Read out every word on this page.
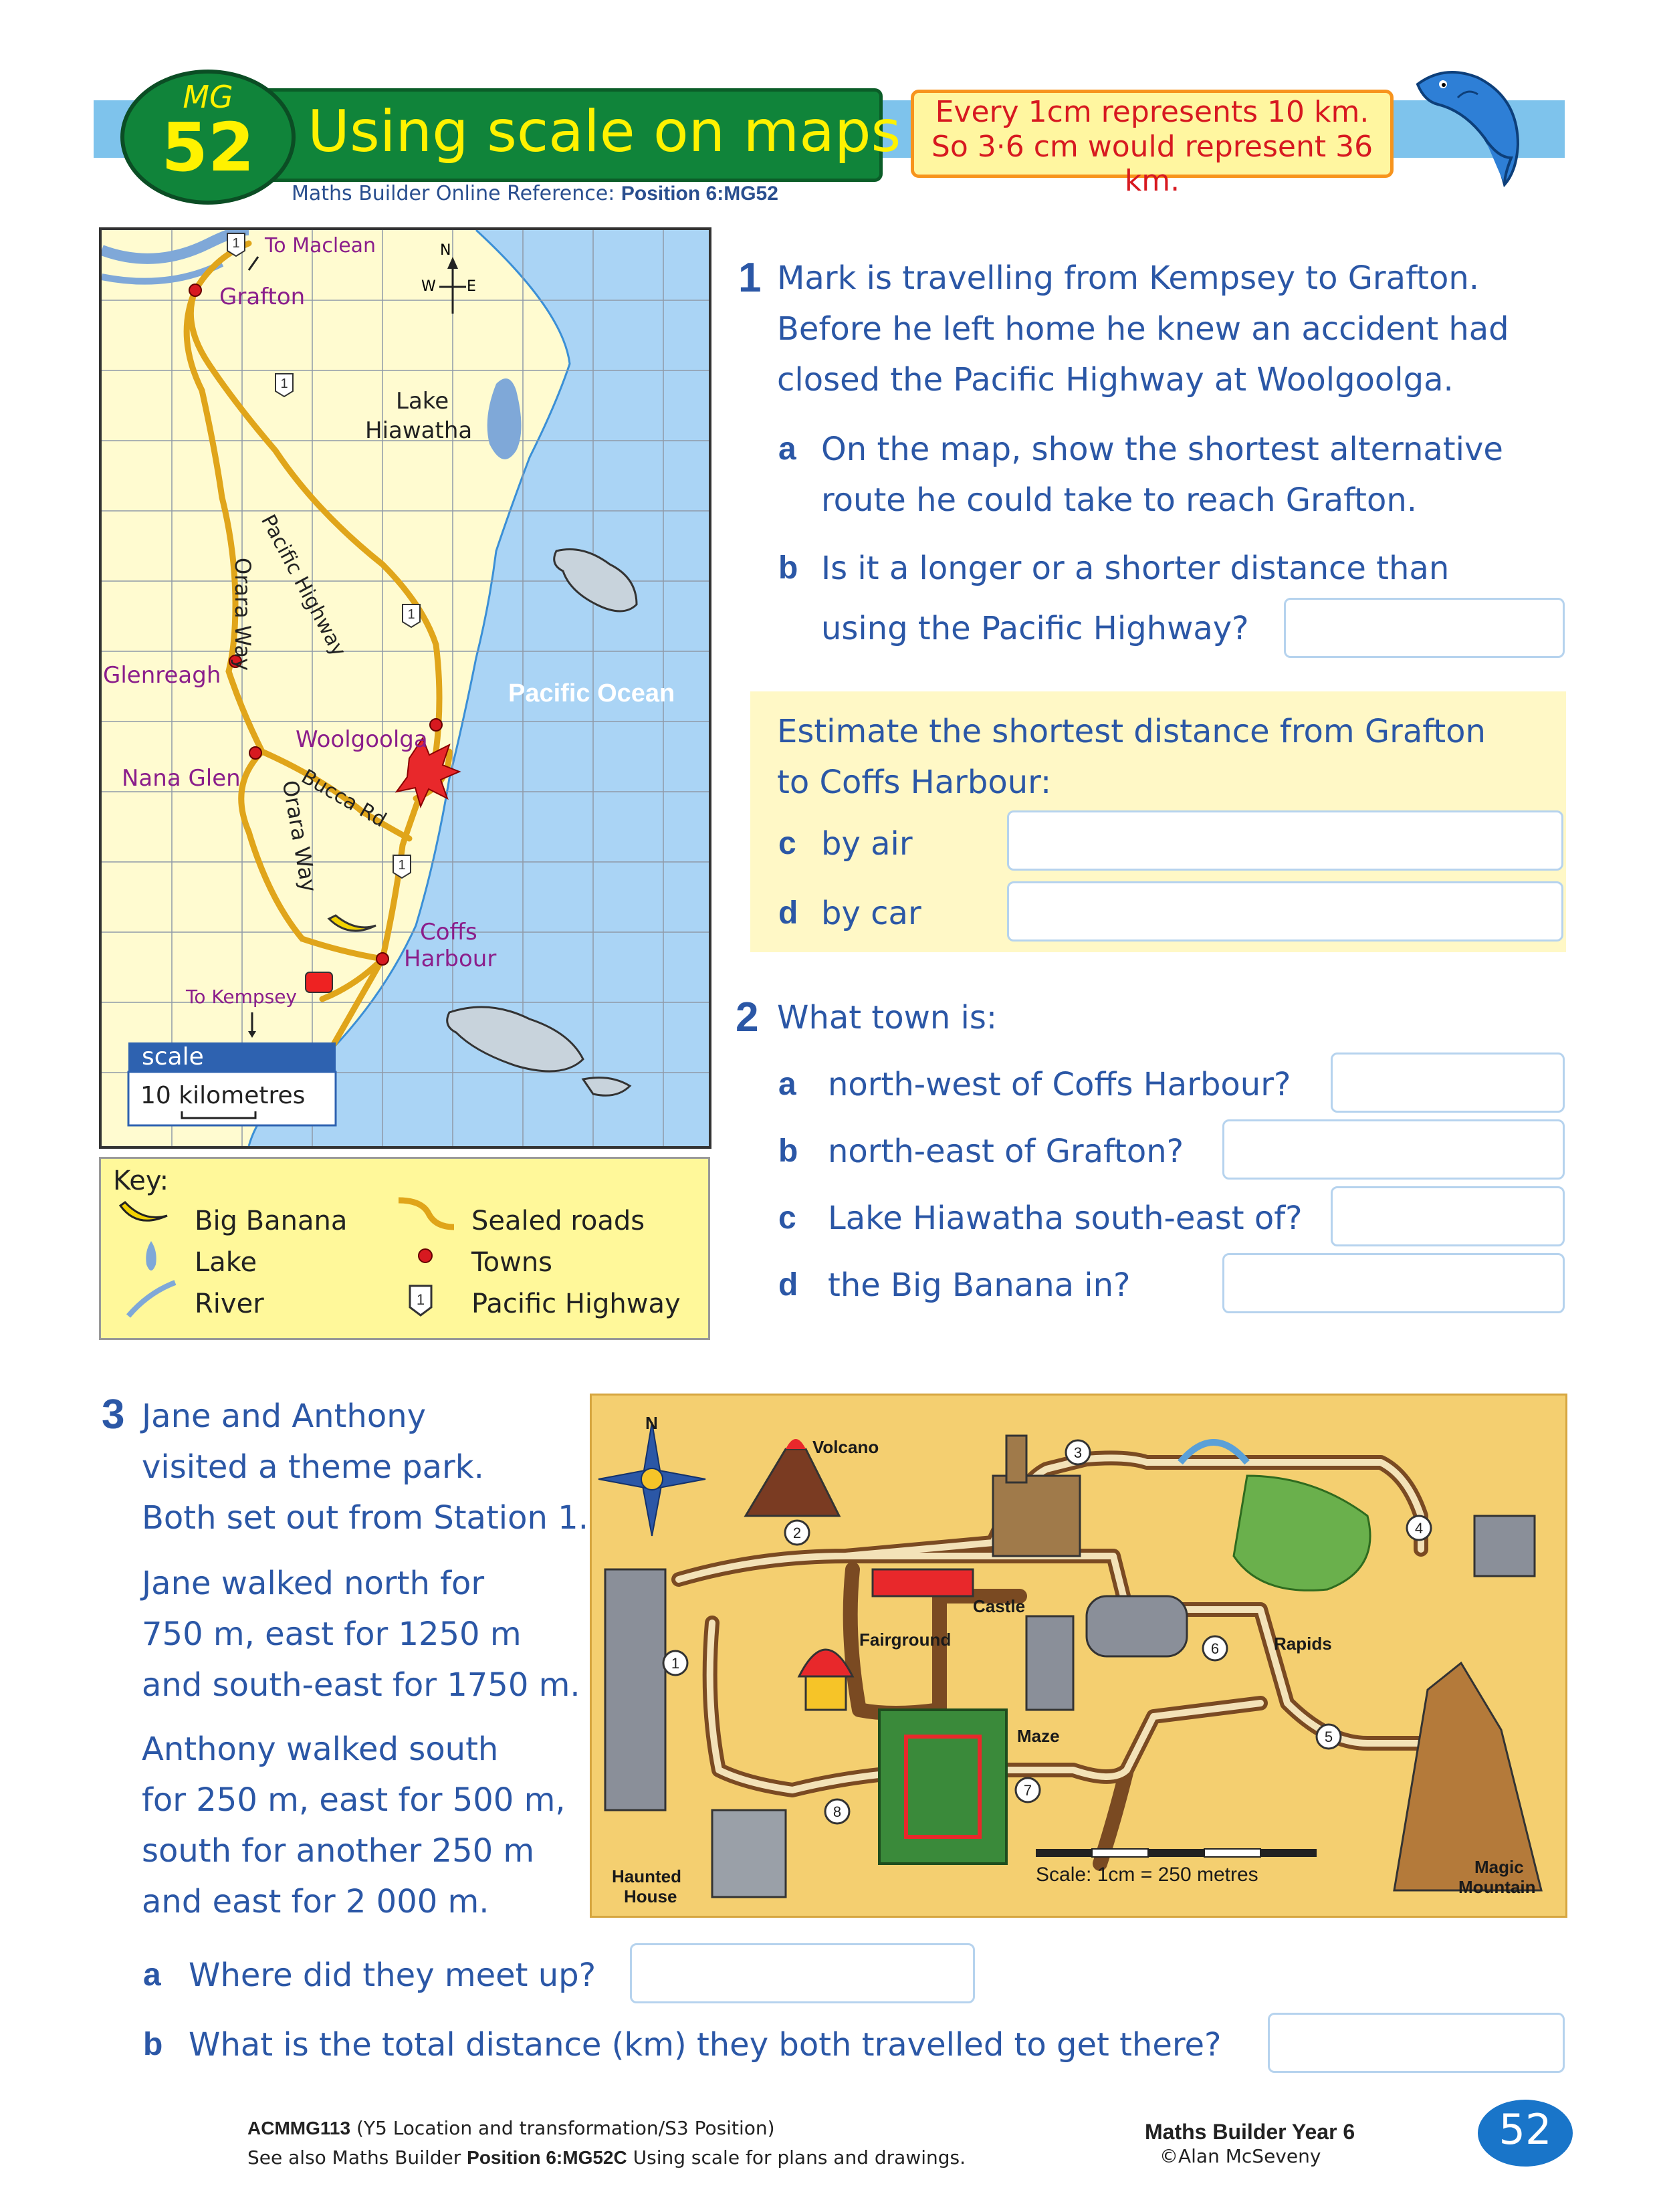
Using scale on maps
MG
52	Every 1cm represents 10 km.
So 3·6 cm would represent 36 km.
Maths Builder Online Reference: Position 6:MG52
1
1
1
1
To Maclean
Grafton
N
W E
Lake
Hiawatha
Pacific Highway
Orara Way
Glenreagh
Woolgoolga
Nana Glen	Bucca Rd
Orara Way
Pacific Ocean
Coffs
Harbour
To Kempsey
scale
10 kilometres
Key:
Big Banana	Sealed roads
Lake	Towns
River	1 Pacific Highway
1 Mark is travelling from Kempsey to Grafton.
Before he left home he knew an accident had
closed the Pacific Highway at Woolgoolga.
a On the map, show the shortest alternative
route he could take to reach Grafton.
b Is it a longer or a shorter distance than
using the Pacific Highway?
Estimate the shortest distance from Grafton
to Coffs Harbour:
c by air
d by car
2 What town is:
a north-west of Coffs Harbour?
b north-east of Grafton?
c Lake Hiawatha south-east of?
d the Big Banana in?
3 Jane and Anthony
visited a theme park.
Both set out from Station 1.
Jane walked north for
750 m, east for 1250 m
and south-east for 1750 m.
Anthony walked south
for 250 m, east for 500 m,
south for another 250 m
and east for 2 000 m.
1
2
3
4
5
6
7
8
N
Volcano
Castle
Fairground	Rapids
Maze
Haunted
House
Magic
Mountain
Scale: 1cm = 250 metres
a Where did they meet up?
b What is the total distance (km) they both travelled to get there?
ACMMG113 (Y5 Location and transformation/S3 Position)
See also Maths Builder Position 6:MG52C Using scale for plans and drawings.
Maths Builder Year 6
©Alan McSeveny
52
